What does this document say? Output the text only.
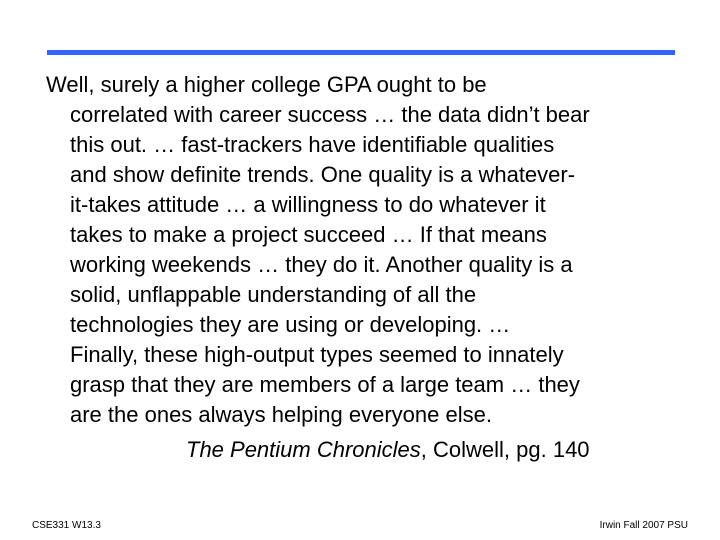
Well, surely a higher college GPA ought to be
correlated with career success … the data didn’t bear
this out. … fast-trackers have identifiable qualities
and show definite trends. One quality is a whatever-
it-takes attitude … a willingness to do whatever it
takes to make a project succeed … If that means
working weekends … they do it. Another quality is a
solid, unflappable understanding of all the
technologies they are using or developing. …
Finally, these high-output types seemed to innately
grasp that they are members of a large team … they
are the ones always helping everyone else.
The Pentium Chronicles, Colwell, pg. 140
CSE331 W13.3	Irwin Fall 2007 PSU
